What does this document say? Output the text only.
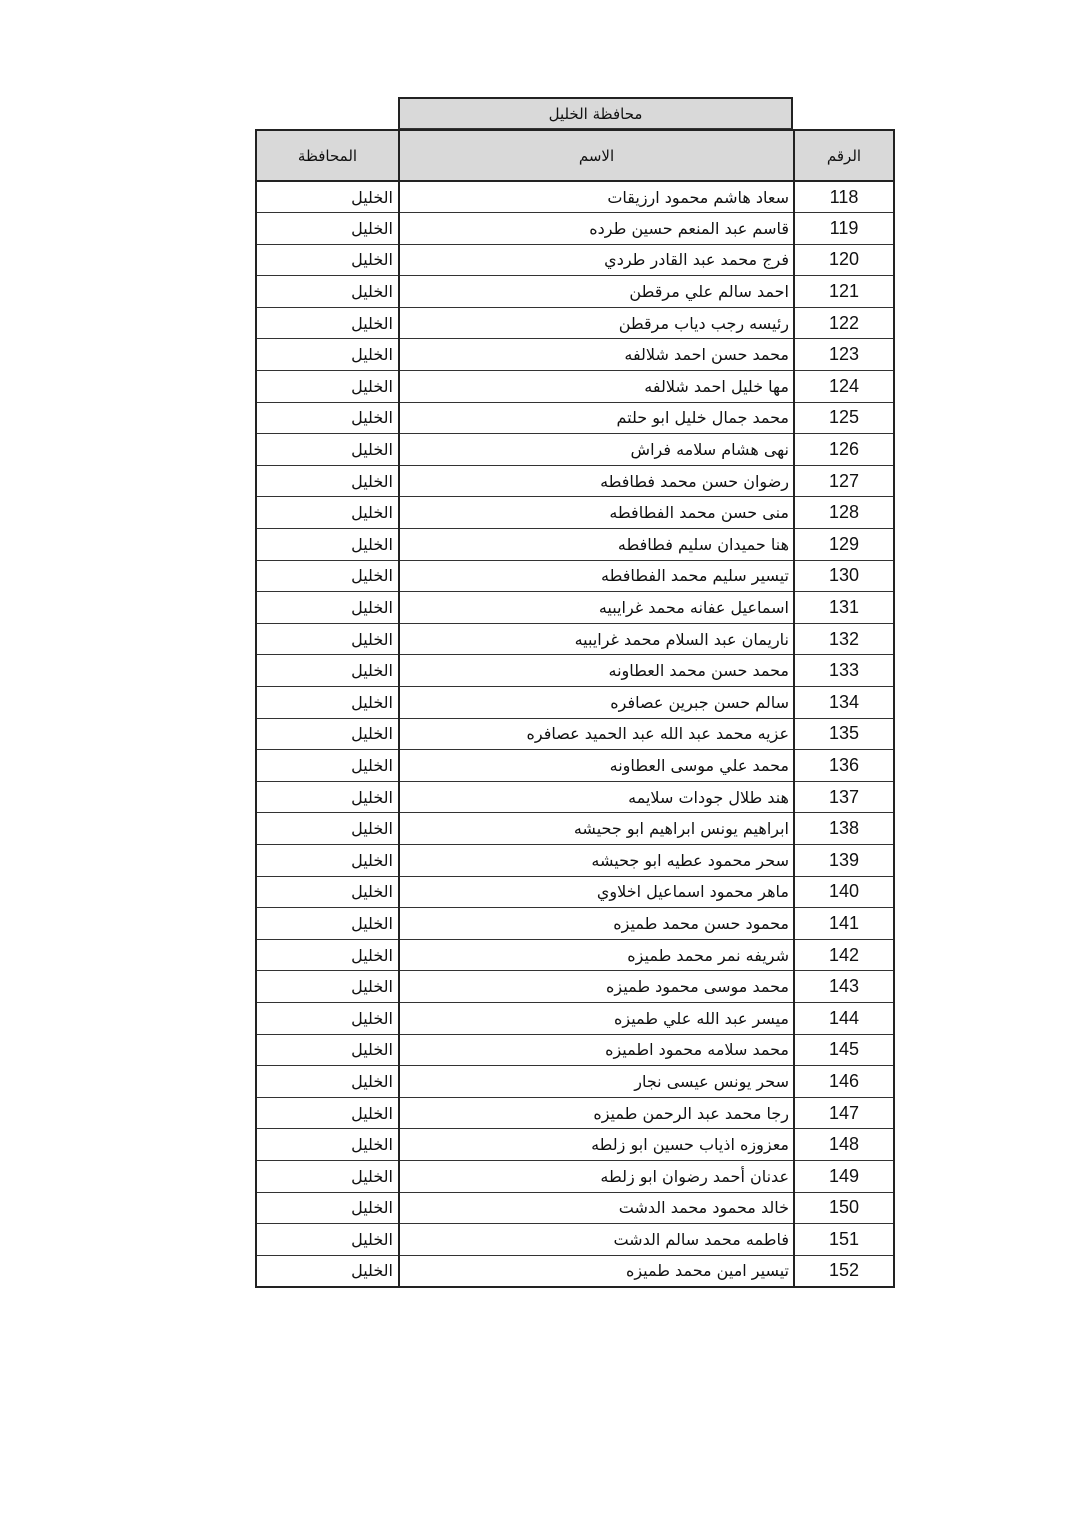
محافظة الخليل
المحافظة	الاسم	الرقم
الخليل	سعاد هاشم محمود ارزيقات	118
الخليل	قاسم عبد المنعم حسين طرده	119
الخليل	فرج محمد عبد القادر طردي	120
الخليل	احمد سالم علي مرقطن	121
الخليل	رئيسه رجب دياب مرقطن	122
الخليل	محمد حسن احمد شلالفه	123
الخليل	مها خليل احمد شلالفه	124
الخليل	محمد جمال خليل ابو حلتم	125
الخليل	نهى هشام سلامه فراش	126
الخليل	رضوان حسن محمد فطافطه	127
الخليل	منى حسن محمد الفطافطه	128
الخليل	هنا حميدان سليم فطافطه	129
الخليل	تيسير سليم محمد الفطافطه	130
الخليل	اسماعيل عفانه محمد غرايبيه	131
الخليل	ناريمان عبد السلام محمد غرايبيه	132
الخليل	محمد حسن محمد العطاونه	133
الخليل	سالم حسن جبرين عصافره	134
الخليل	عزيه محمد عبد الله عبد الحميد عصافره	135
الخليل	محمد علي موسى العطاونه	136
الخليل	هند طلال جودات سلايمه	137
الخليل	ابراهيم يونس ابراهيم ابو جحيشه	138
الخليل	سحر محمود عطيه ابو جحيشه	139
الخليل	ماهر محمود اسماعيل اخلاوي	140
الخليل	محمود حسن محمد طميزه	141
الخليل	شريفه نمر محمد طميزه	142
الخليل	محمد موسى محمود طميزه	143
الخليل	ميسر عبد الله علي طميزه	144
الخليل	محمد سلامه محمود اطميزه	145
الخليل	سحر يونس عيسى نجار	146
الخليل	رجا محمد عبد الرحمن طميزه	147
الخليل	معزوزه اذياب حسين ابو زلطه	148
الخليل	عدنان أحمد رضوان ابو زلطه	149
الخليل	خالد محمود محمد الدشت	150
الخليل	فاطمه محمد سالم الدشت	151
الخليل	تيسير امين محمد طميزه	152
